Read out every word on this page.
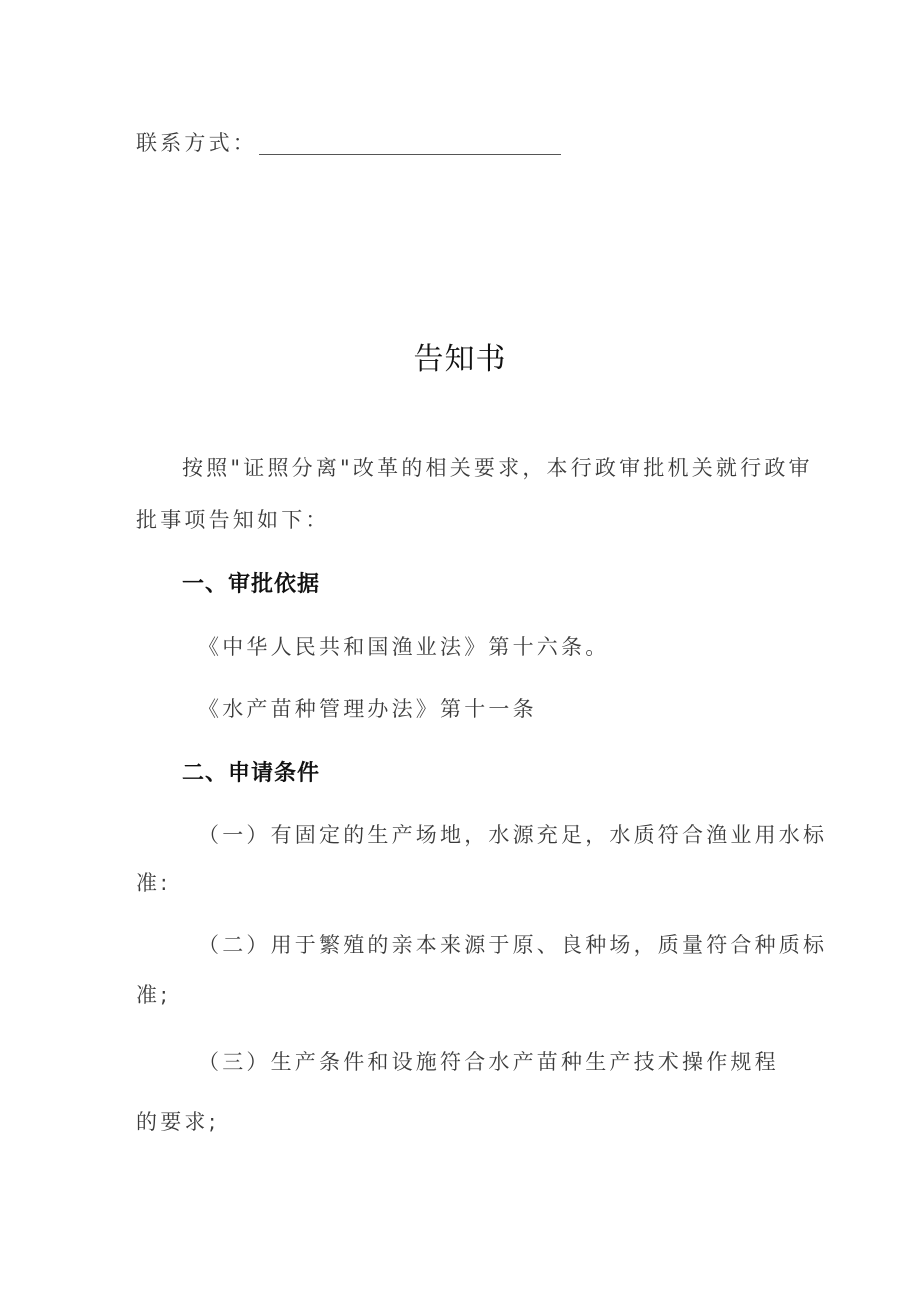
联系方式：
告知书
按照"证照分离"改革的相关要求，本行政审批机关就行政审
批事项告知如下：
一、审批依据
《中华人民共和国渔业法》第十六条。
《水产苗种管理办法》第十一条
二、申请条件
（一）有固定的生产场地，水源充足，水质符合渔业用水标
准:
（二）用于繁殖的亲本来源于原、良种场，质量符合种质标
准;
（三）生产条件和设施符合水产苗种生产技术操作规程
的要求;
